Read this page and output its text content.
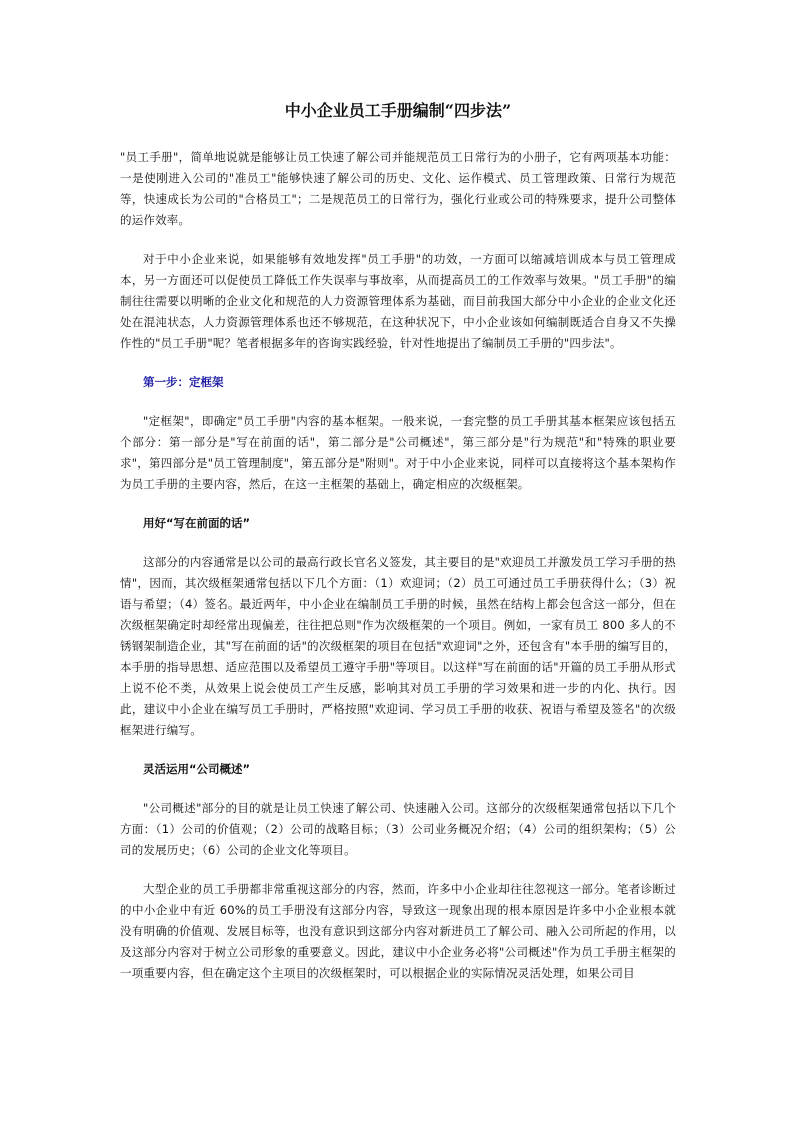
中小企业员工手册编制“四步法”

"员工手册"，简单地说就是能够让员工快速了解公司并能规范员工日常行为的小册子，它有两项基本功能：一是使刚进入公司的"准员工"能够快速了解公司的历史、文化、运作模式、员工管理政策、日常行为规范等，快速成长为公司的"合格员工"；二是规范员工的日常行为，强化行业或公司的特殊要求，提升公司整体的运作效率。

对于中小企业来说，如果能够有效地发挥"员工手册"的功效，一方面可以缩减培训成本与员工管理成本，另一方面还可以促使员工降低工作失误率与事故率，从而提高员工的工作效率与效果。"员工手册"的编制往往需要以明晰的企业文化和规范的人力资源管理体系为基础，而目前我国大部分中小企业的企业文化还处在混沌状态，人力资源管理体系也还不够规范，在这种状况下，中小企业该如何编制既适合自身又不失操作性的"员工手册"呢？笔者根据多年的咨询实践经验，针对性地提出了编制员工手册的"四步法"。

第一步：定框架

"定框架"，即确定"员工手册"内容的基本框架。一般来说，一套完整的员工手册其基本框架应该包括五个部分：第一部分是"写在前面的话"，第二部分是"公司概述"，第三部分是"行为规范"和"特殊的职业要求"，第四部分是"员工管理制度"，第五部分是"附则"。对于中小企业来说，同样可以直接将这个基本架构作为员工手册的主要内容，然后，在这一主框架的基础上，确定相应的次级框架。

用好“写在前面的话”

这部分的内容通常是以公司的最高行政长官名义签发，其主要目的是"欢迎员工并激发员工学习手册的热情"，因而，其次级框架通常包括以下几个方面：（1）欢迎词；（2）员工可通过员工手册获得什么；（3）祝语与希望；（4）签名。最近两年，中小企业在编制员工手册的时候，虽然在结构上都会包含这一部分，但在次级框架确定时却经常出现偏差，往往把总则"作为次级框架的一个项目。例如，一家有员工 800 多人的不锈钢架制造企业，其"写在前面的话"的次级框架的项目在包括"欢迎词"之外，还包含有"本手册的编写目的，本手册的指导思想、适应范围以及希望员工遵守手册"等项目。以这样"写在前面的话"开篇的员工手册从形式上说不伦不类，从效果上说会使员工产生反感，影响其对员工手册的学习效果和进一步的内化、执行。因此，建议中小企业在编写员工手册时，严格按照"欢迎词、学习员工手册的收获、祝语与希望及签名"的次级框架进行编写。

灵活运用“公司概述”

"公司概述"部分的目的就是让员工快速了解公司、快速融入公司。这部分的次级框架通常包括以下几个方面：（1）公司的价值观；（2）公司的战略目标；（3）公司业务概况介绍；（4）公司的组织架构；（5）公司的发展历史；（6）公司的企业文化等项目。

大型企业的员工手册都非常重视这部分的内容，然而，许多中小企业却往往忽视这一部分。笔者诊断过的中小企业中有近 60%的员工手册没有这部分内容，导致这一现象出现的根本原因是许多中小企业根本就没有明确的价值观、发展目标等，也没有意识到这部分内容对新进员工了解公司、融入公司所起的作用，以及这部分内容对于树立公司形象的重要意义。因此，建议中小企业务必将"公司概述"作为员工手册主框架的一项重要内容，但在确定这个主项目的次级框架时，可以根据企业的实际情况灵活处理，如果公司目
